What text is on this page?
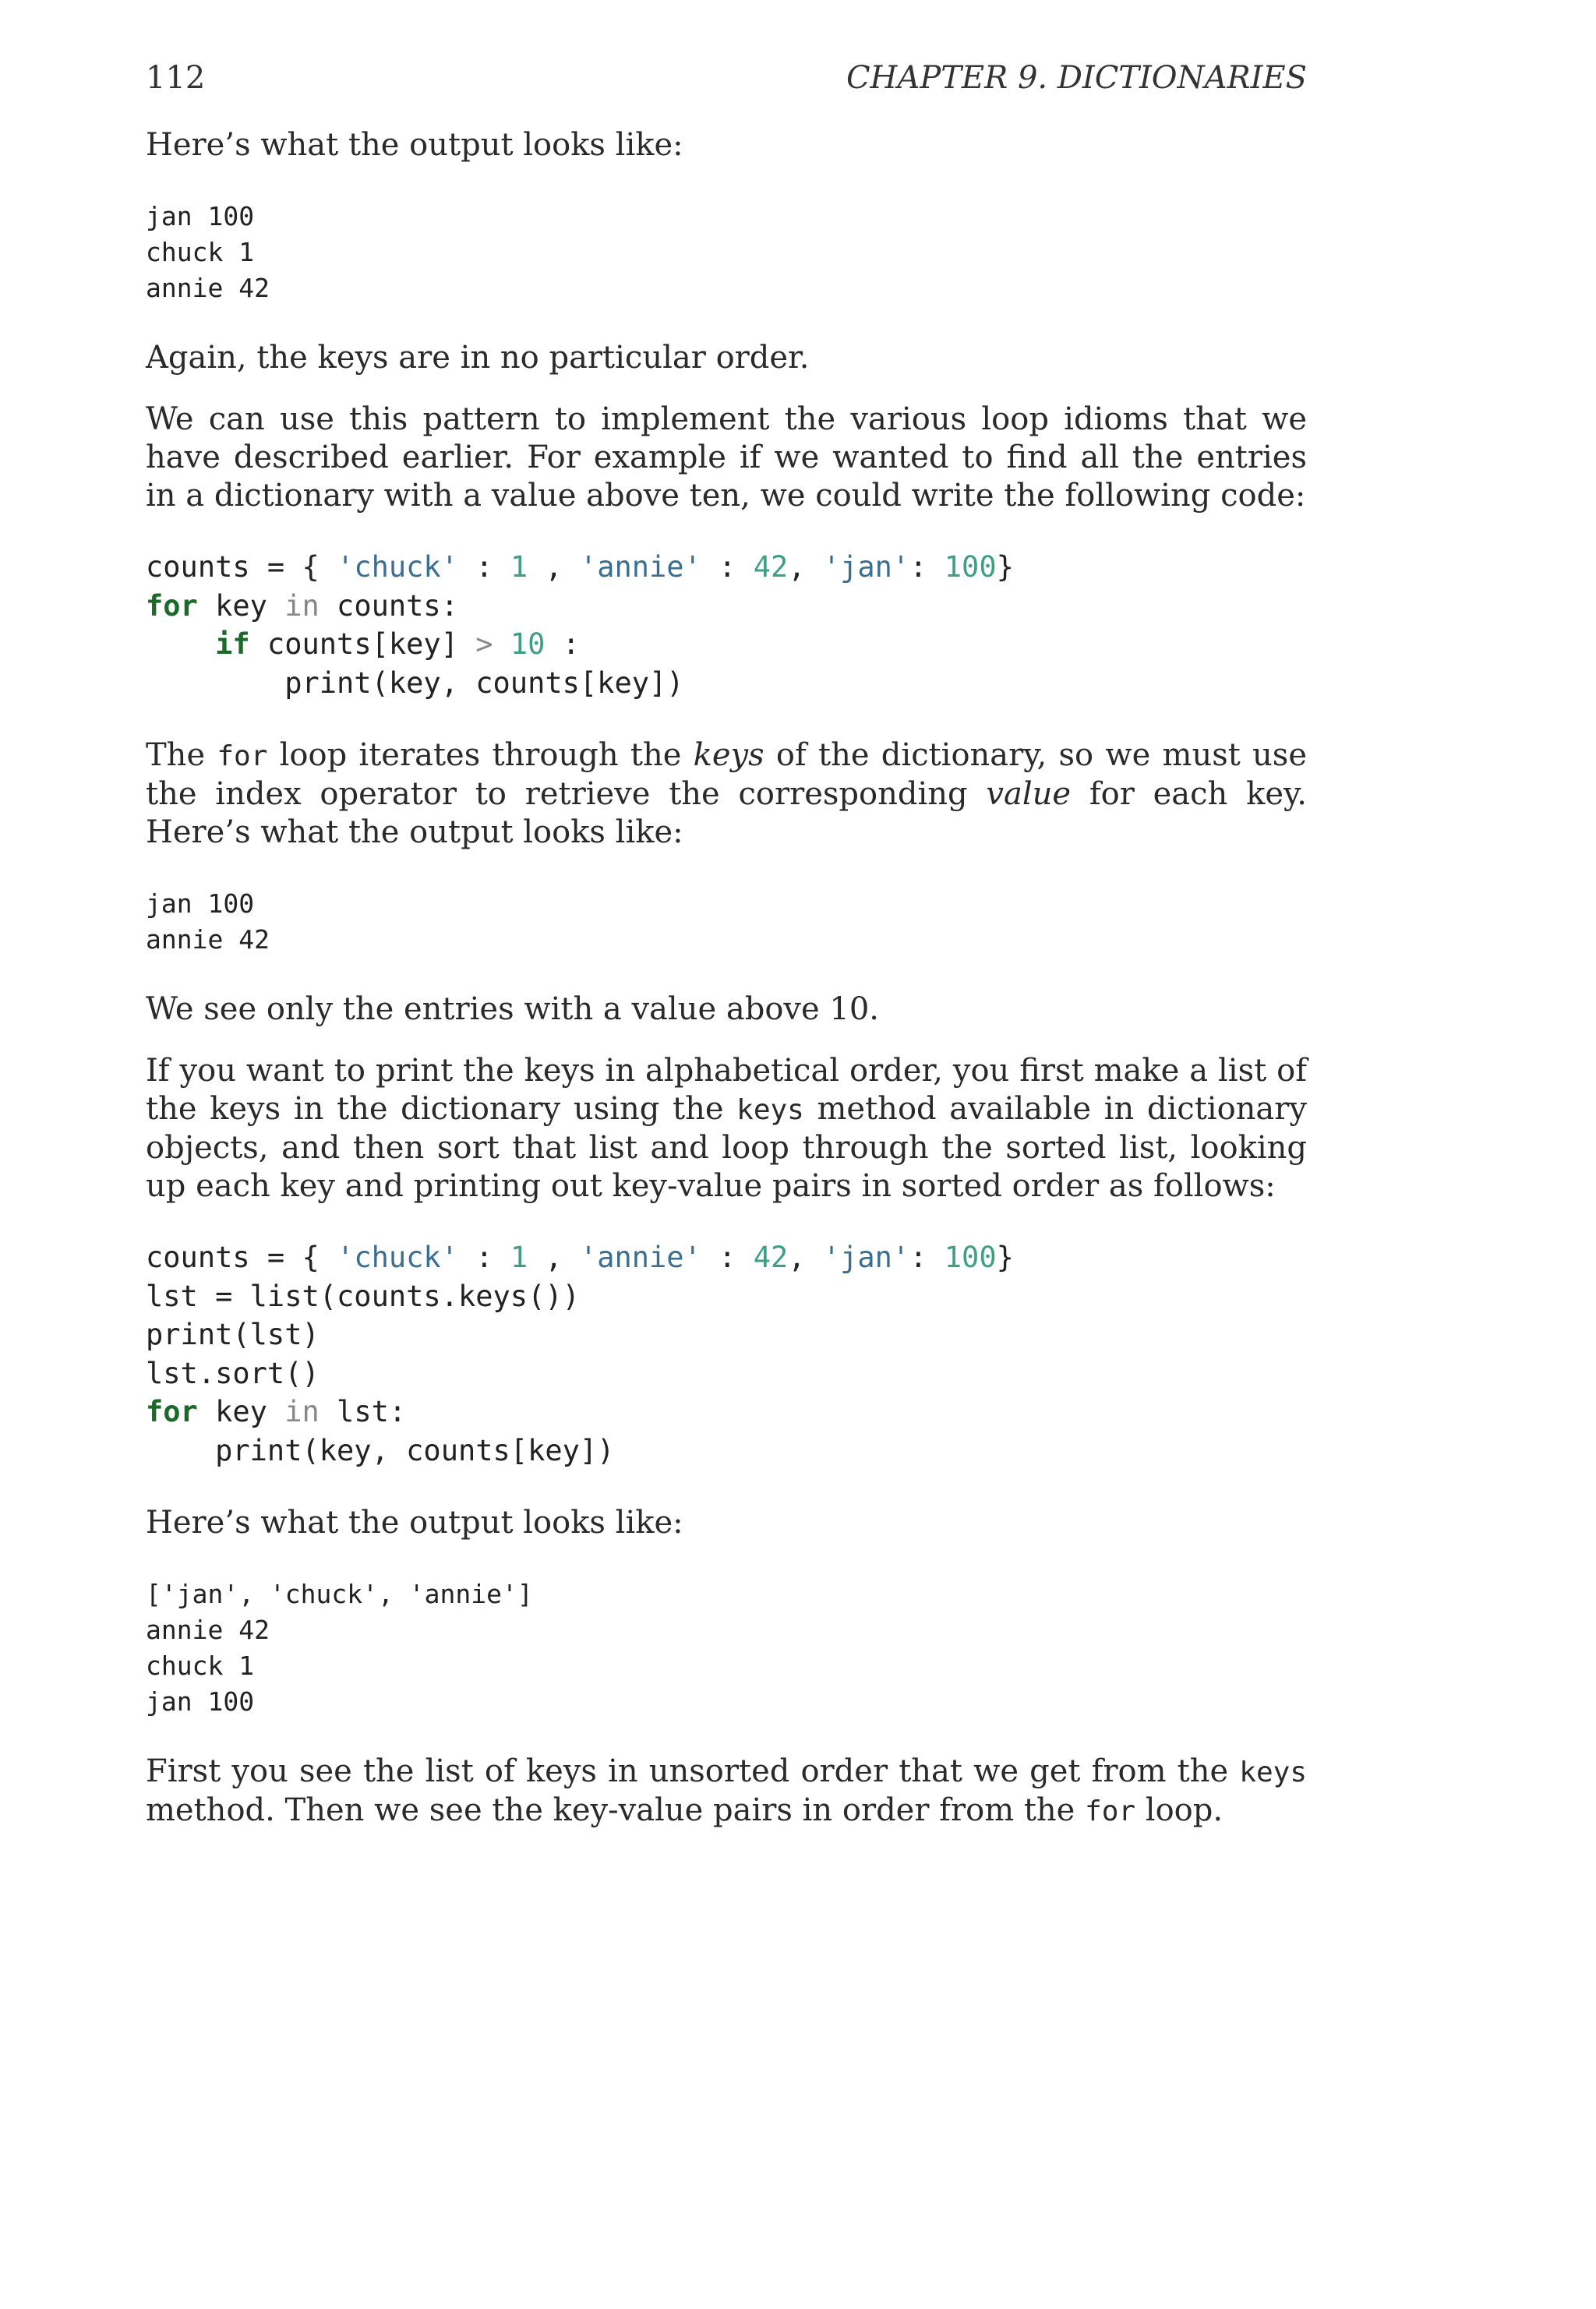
112	CHAPTER 9. DICTIONARIES

Here’s what the output looks like:

jan 100
chuck 1
annie 42

Again, the keys are in no particular order.

We can use this pattern to implement the various loop idioms that we have described earlier. For example if we wanted to find all the entries in a dictionary with a value above ten, we could write the following code:

counts = { 'chuck' : 1 , 'annie' : 42, 'jan': 100}
for key in counts:
if counts[key] > 10 :
print(key, counts[key])

The for loop iterates through the keys of the dictionary, so we must use the index operator to retrieve the corresponding value for each key. Here’s what the output looks like:

jan 100
annie 42

We see only the entries with a value above 10.

If you want to print the keys in alphabetical order, you first make a list of the keys in the dictionary using the keys method available in dictionary objects, and then sort that list and loop through the sorted list, looking up each key and printing out key-value pairs in sorted order as follows:

counts = { 'chuck' : 1 , 'annie' : 42, 'jan': 100}
lst = list(counts.keys())
print(lst)
lst.sort()
for key in lst:
print(key, counts[key])

Here’s what the output looks like:

['jan', 'chuck', 'annie']
annie 42
chuck 1
jan 100

First you see the list of keys in unsorted order that we get from the keys method. Then we see the key-value pairs in order from the for loop.
